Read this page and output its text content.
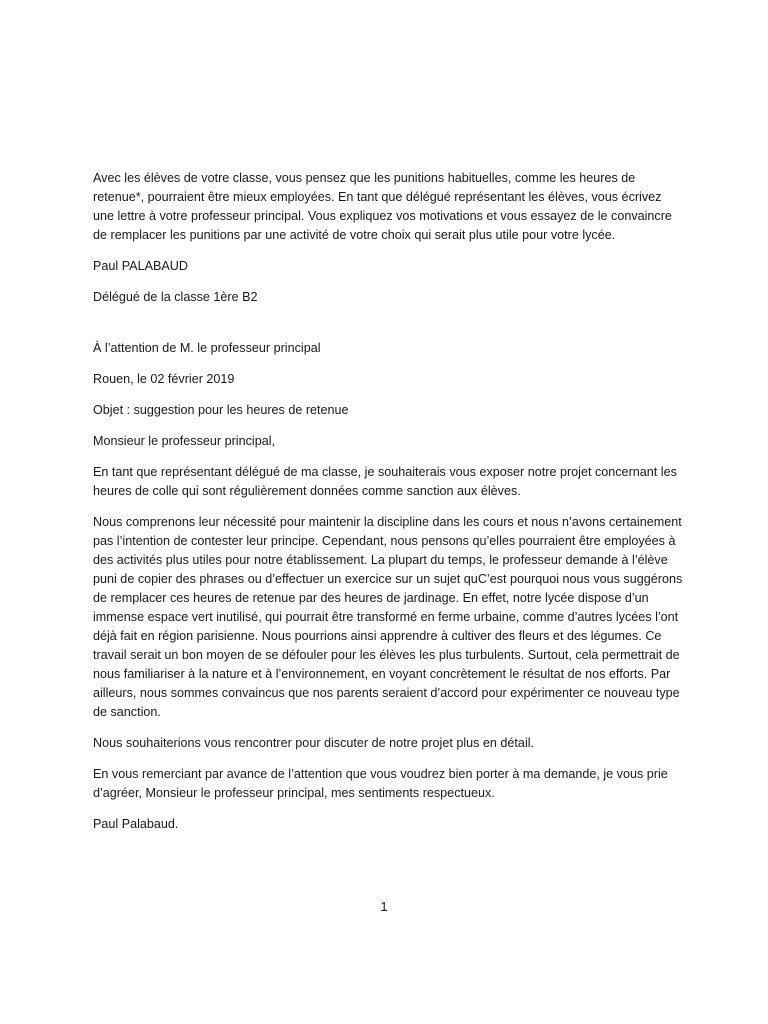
Avec les élèves de votre classe, vous pensez que les punitions habituelles, comme les heures de retenue*, pourraient être mieux employées. En tant que délégué représentant les élèves, vous écrivez une lettre à votre professeur principal. Vous expliquez vos motivations et vous essayez de le convaincre de remplacer les punitions par une activité de votre choix qui serait plus utile pour votre lycée.

Paul PALABAUD

Délégué de la classe 1ère B2

À l’attention de M. le professeur principal

Rouen, le 02 février 2019

Objet : suggestion pour les heures de retenue

Monsieur le professeur principal,

En tant que représentant délégué de ma classe, je souhaiterais vous exposer notre projet concernant les heures de colle qui sont régulièrement données comme sanction aux élèves.

Nous comprenons leur nécessité pour maintenir la discipline dans les cours et nous n’avons certainement pas l’intention de contester leur principe. Cependant, nous pensons qu’elles pourraient être employées à des activités plus utiles pour notre établissement. La plupart du temps, le professeur demande à l’élève puni de copier des phrases ou d’effectuer un exercice sur un sujet quC’est pourquoi nous vous suggérons de remplacer ces heures de retenue par des heures de jardinage. En effet, notre lycée dispose d’un immense espace vert inutilisé, qui pourrait être transformé en ferme urbaine, comme d’autres lycées l’ont déjà fait en région parisienne. Nous pourrions ainsi apprendre à cultiver des fleurs et des légumes. Ce travail serait un bon moyen de se défouler pour les élèves les plus turbulents. Surtout, cela permettrait de nous familiariser à la nature et à l’environnement, en voyant concrètement le résultat de nos efforts. Par ailleurs, nous sommes convaincus que nos parents seraient d’accord pour expérimenter ce nouveau type de sanction.

Nous souhaiterions vous rencontrer pour discuter de notre projet plus en détail.

En vous remerciant par avance de l’attention que vous voudrez bien porter à ma demande, je vous prie d’agréer, Monsieur le professeur principal, mes sentiments respectueux.

Paul Palabaud.

1
